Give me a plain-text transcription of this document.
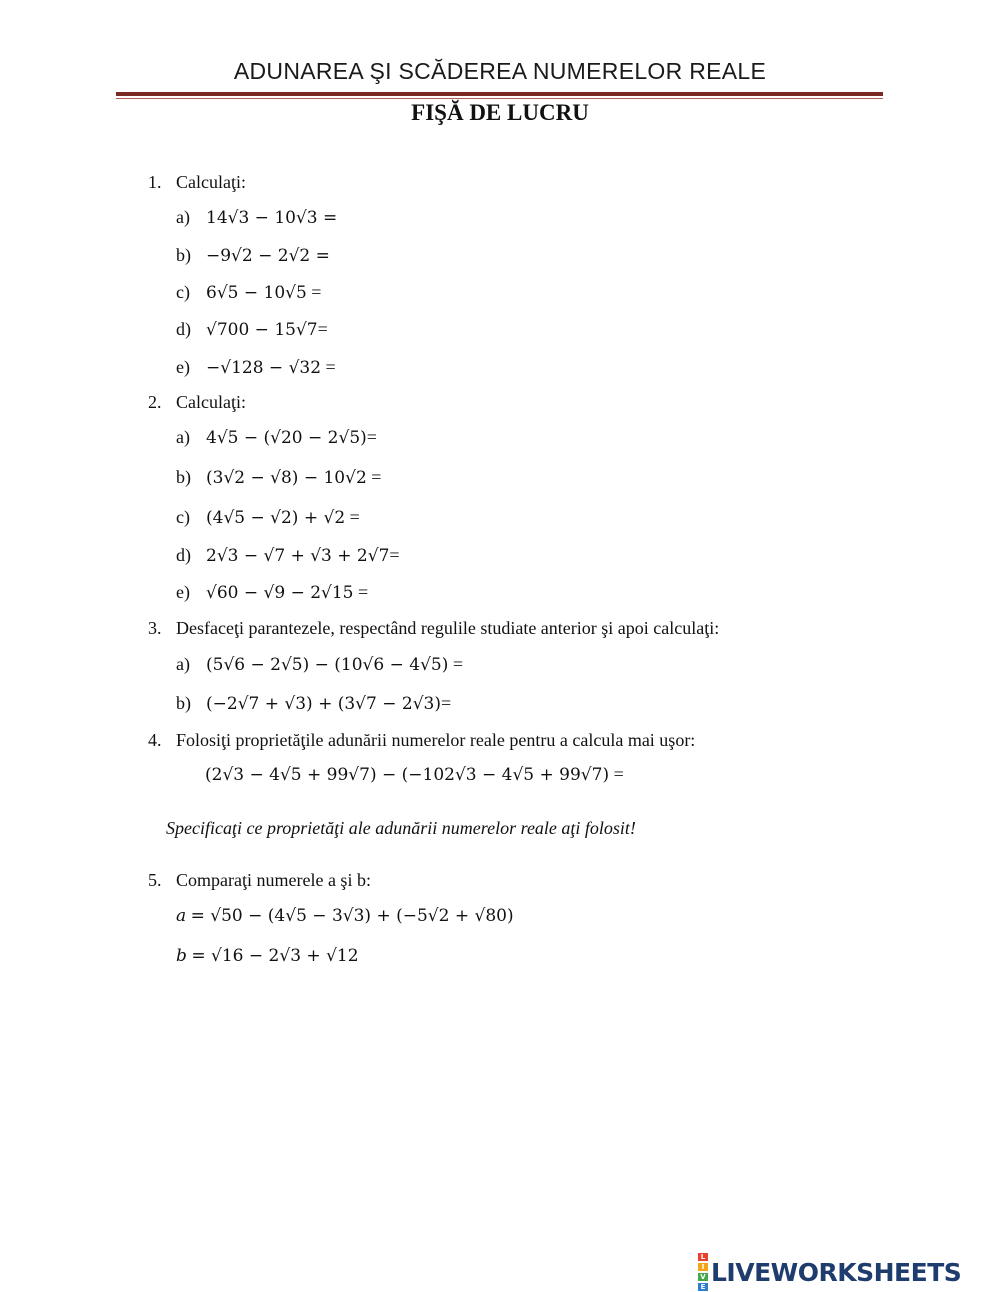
ADUNAREA ŞI SCĂDEREA NUMERELOR REALE
FIŞĂ DE LUCRU
1. Calculaţi:
a) 14√3 − 10√3 =
b) −9√2 − 2√2 =
c) 6√5 − 10√5 =
d) √700 − 15√7=
e) −√128 − √32 =
2. Calculaţi:
a) 4√5 − (√20 − 2√5)=
b) (3√2 − √8) − 10√2 =
c) (4√5 − √2) + √2 =
d) 2√3 − √7 + √3 + 2√7=
e) √60 − √9 − 2√15 =
3. Desfaceţi parantezele, respectând regulile studiate anterior şi apoi calculaţi:
a) (5√6 − 2√5) − (10√6 − 4√5) =
b) (−2√7 + √3) + (3√7 − 2√3)=
4. Folosiţi proprietăţile adunării numerelor reale pentru a calcula mai uşor:
(2√3 − 4√5 + 99√7) − (−102√3 − 4√5 + 99√7) =
Specificaţi ce proprietăţi ale adunării numerelor reale aţi folosit!
5. Comparaţi numerele a şi b:
a = √50 − (4√5 − 3√3) + (−5√2 + √80)
b = √16 − 2√3 + √12
L
I
V
E
LIVEWORKSHEETS
